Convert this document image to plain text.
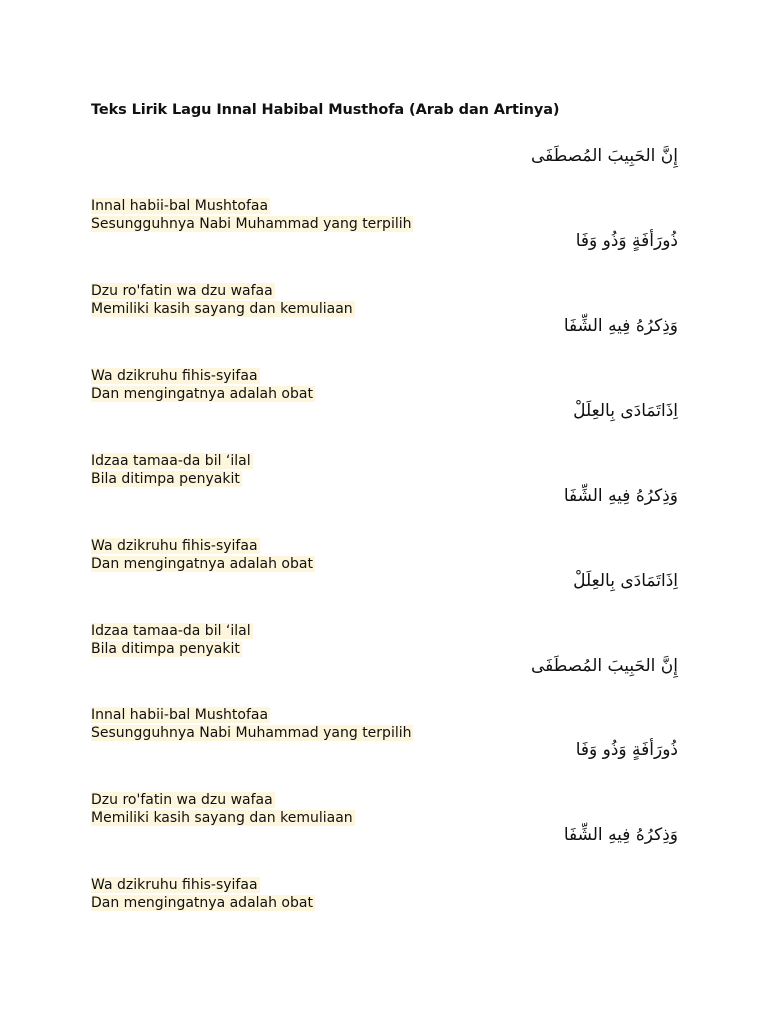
Teks Lirik Lagu Innal Habibal Musthofa (Arab dan Artinya)
إِنَّ الحَبِيبَ المُصطَفَى
Innal habii-bal Mushtofaa
Sesungguhnya Nabi Muhammad yang terpilih
ذُورَأفَةٍ وَذُو وَفَا
Dzu ro'fatin wa dzu wafaa
Memiliki kasih sayang dan kemuliaan
وَذِكرُهُ فِيهِ الشِّفَا
Wa dzikruhu fihis-syifaa
Dan mengingatnya adalah obat
اِذَاتَمَادَى بِالعِلَلْ
Idzaa tamaa-da bil ‘ilal
Bila ditimpa penyakit
وَذِكرُهُ فِيهِ الشِّفَا
Wa dzikruhu fihis-syifaa
Dan mengingatnya adalah obat
اِذَاتَمَادَى بِالعِلَلْ
Idzaa tamaa-da bil ‘ilal
Bila ditimpa penyakit
إِنَّ الحَبِيبَ المُصطَفَى
Innal habii-bal Mushtofaa
Sesungguhnya Nabi Muhammad yang terpilih
ذُورَأفَةٍ وَذُو وَفَا
Dzu ro'fatin wa dzu wafaa
Memiliki kasih sayang dan kemuliaan
وَذِكرُهُ فِيهِ الشِّفَا
Wa dzikruhu fihis-syifaa
Dan mengingatnya adalah obat
